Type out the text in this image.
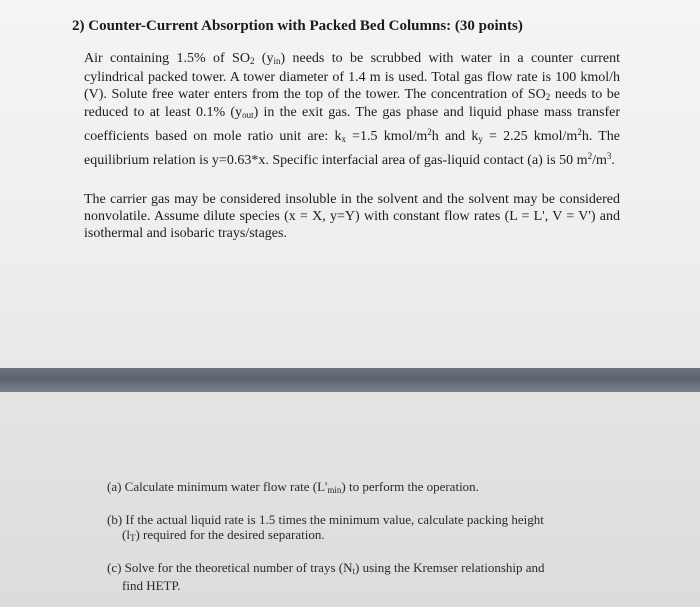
2) Counter-Current Absorption with Packed Bed Columns: (30 points)

Air containing 1.5% of $SO_2$ $(y_{in})$ needs to be scrubbed with water in a counter current cylindrical packed tower. A tower diameter of 1.4 m is used. Total gas flow rate is 100 kmol/h (V). Solute free water enters from the top of the tower. The concentration of $SO_2$ needs to be reduced to at least 0.1% $(y_{out})$ in the exit gas. The gas phase and liquid phase mass transfer coefficients based on mole ratio unit are: $k_x =1.5$ kmol/$m^2h$ and $k_y = 2.25$ kmol/$m^2h$. The equilibrium relation is y=0.63*x. Specific interfacial area of gas-liquid contact (a) is 50 $m^2/m^3$.

The carrier gas may be considered insoluble in the solvent and the solvent may be considered nonvolatile. Assume dilute species (x = X, y=Y) with constant flow rates (L = L', V = V') and isothermal and isobaric trays/stages.

(a) Calculate minimum water flow rate $(L'_{min})$ to perform the operation.

(b) If the actual liquid rate is 1.5 times the minimum value, calculate packing height
$(l_T)$ required for the desired separation.

(c) Solve for the theoretical number of trays $(N_t)$ using the Kremser relationship and
find HETP.
